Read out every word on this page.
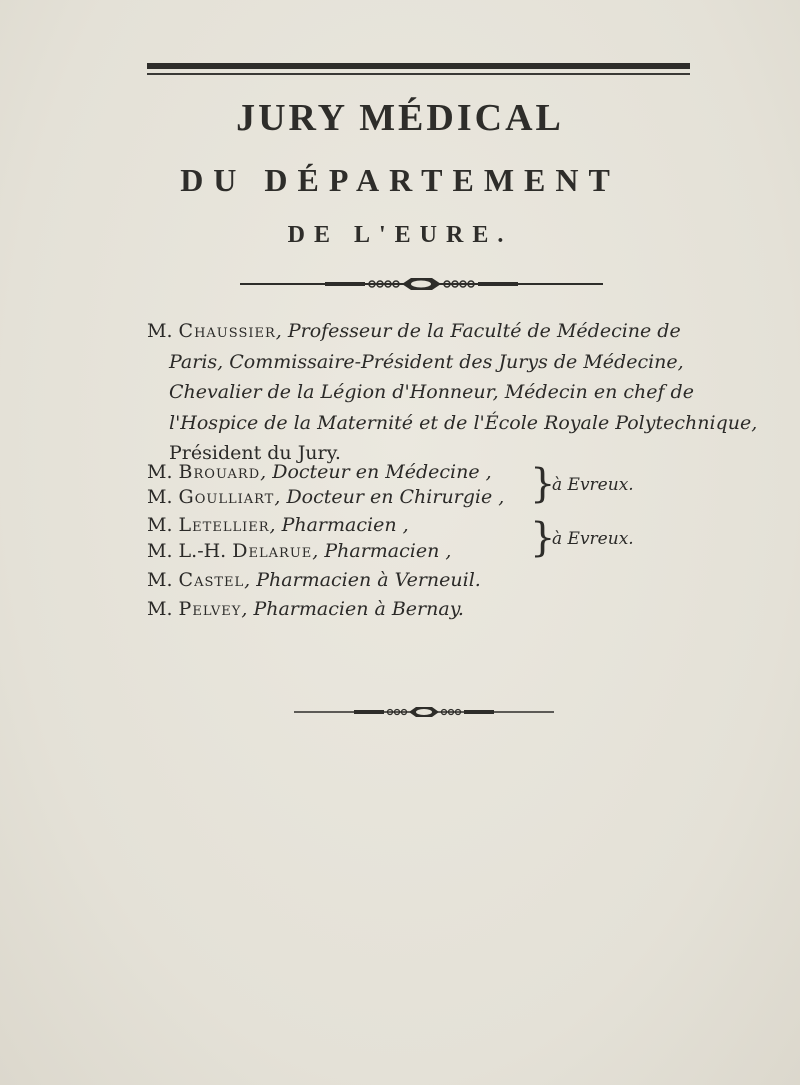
JURY MÉDICAL
DU DÉPARTEMENT
DE L'EURE.
M. Chaussier, Professeur de la Faculté de Médecine de
Paris, Commissaire-Président des Jurys de Médecine,
Chevalier de la Légion d'Honneur, Médecin en chef de
l'Hospice de la Maternité et de l'École Royale Polytechnique,
Président du Jury.
M. Brouard, Docteur en Médecine ,
M. Goulliart, Docteur en Chirurgie , }
à Evreux.
M. Letellier, Pharmacien ,
M. L.-H. Delarue, Pharmacien , }
à Evreux.
M. Castel, Pharmacien à Verneuil.
M. Pelvey, Pharmacien à Bernay.
